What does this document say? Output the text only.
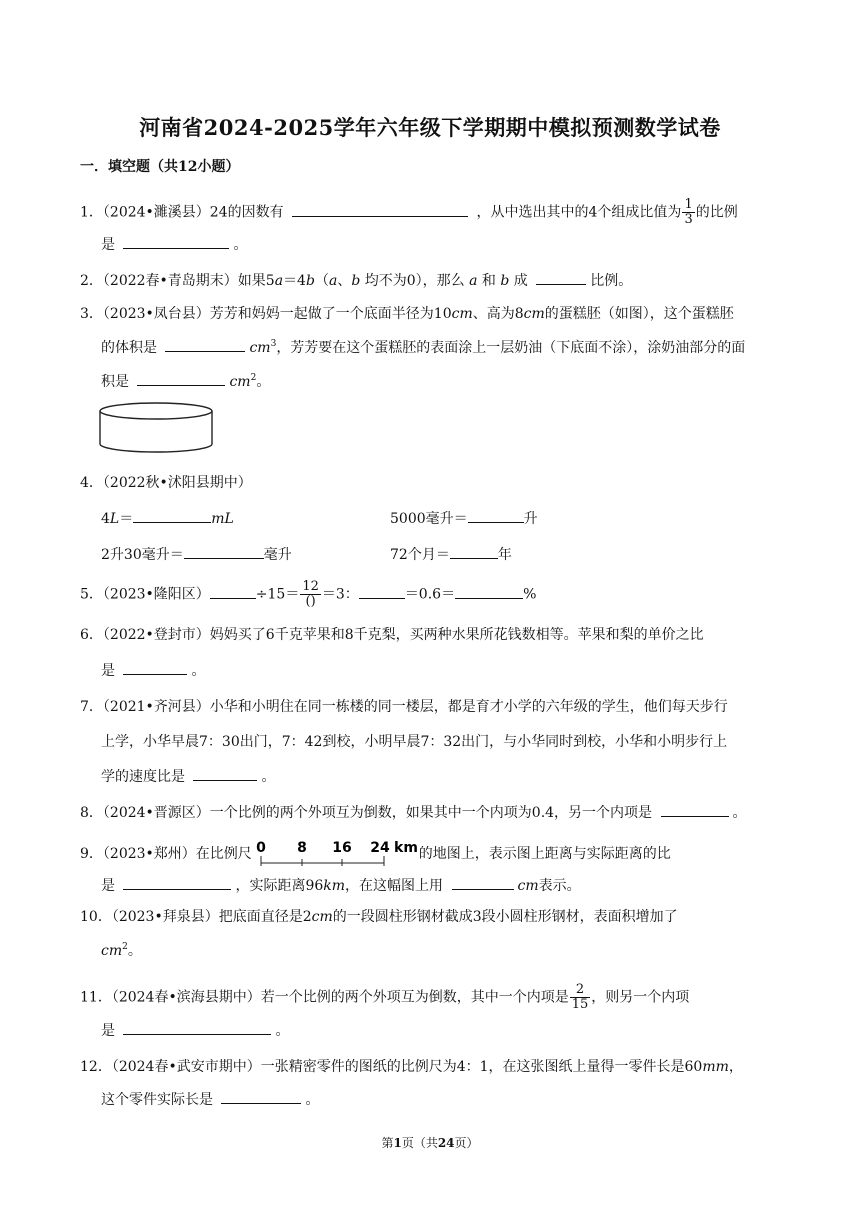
河南省2024-2025学年六年级下学期期中模拟预测数学试卷
一．填空题（共12小题）
1．（2024•濉溪县）24的因数有	，从中选出其中的4个组成比值为 $\frac{1}{3}$ 的比例
是	。
2．（2022春•青岛期末）如果5a＝4b（a、b 均不为0），那么 a 和 b 成	比例。
3．（2023•凤台县）芳芳和妈妈一起做了一个底面半径为10cm、高为8cm的蛋糕胚（如图），这个蛋糕胚
的体积是	$cm^3$，芳芳要在这个蛋糕胚的表面涂上一层奶油（下底面不涂），涂奶油部分的面
积是	$cm^2$。
4．（2022秋•沭阳县期中）
4L＝	mL	5000毫升＝	升
2升30毫升＝	毫升	72个月＝	年
5．（2023•隆阳区）	$\div 15= \frac{12}{()} =3$：	＝0.6＝	%
6．（2022•登封市）妈妈买了6千克苹果和8千克梨，买两种水果所花钱数相等。苹果和梨的单价之比
是	。
7．（2021•齐河县）小华和小明住在同一栋楼的同一楼层，都是育才小学的六年级的学生，他们每天步行
上学，小华早晨7：30出门，7：42到校，小明早晨7：32出门，与小华同时到校，小华和小明步行上
学的速度比是	。
8．（2024•晋源区）一个比例的两个外项互为倒数，如果其中一个内项为0.4，另一个内项是	。
9．（2023•郑州）在比例尺 0 8 16 24 km 的地图上，表示图上距离与实际距离的比
是	，实际距离96km，在这幅图上用	cm表示。
10．（2023•拜泉县）把底面直径是2cm的一段圆柱形钢材截成3段小圆柱形钢材，表面积增加了
$cm^2$。
11．（2024春•滨海县期中）若一个比例的两个外项互为倒数，其中一个内项是 $\frac{2}{15}$ ，则另一个内项
是	。
12．（2024春•武安市期中）一张精密零件的图纸的比例尺为4：1，在这张图纸上量得一零件长是60mm，
这个零件实际长是	。
第1页（共24页）
